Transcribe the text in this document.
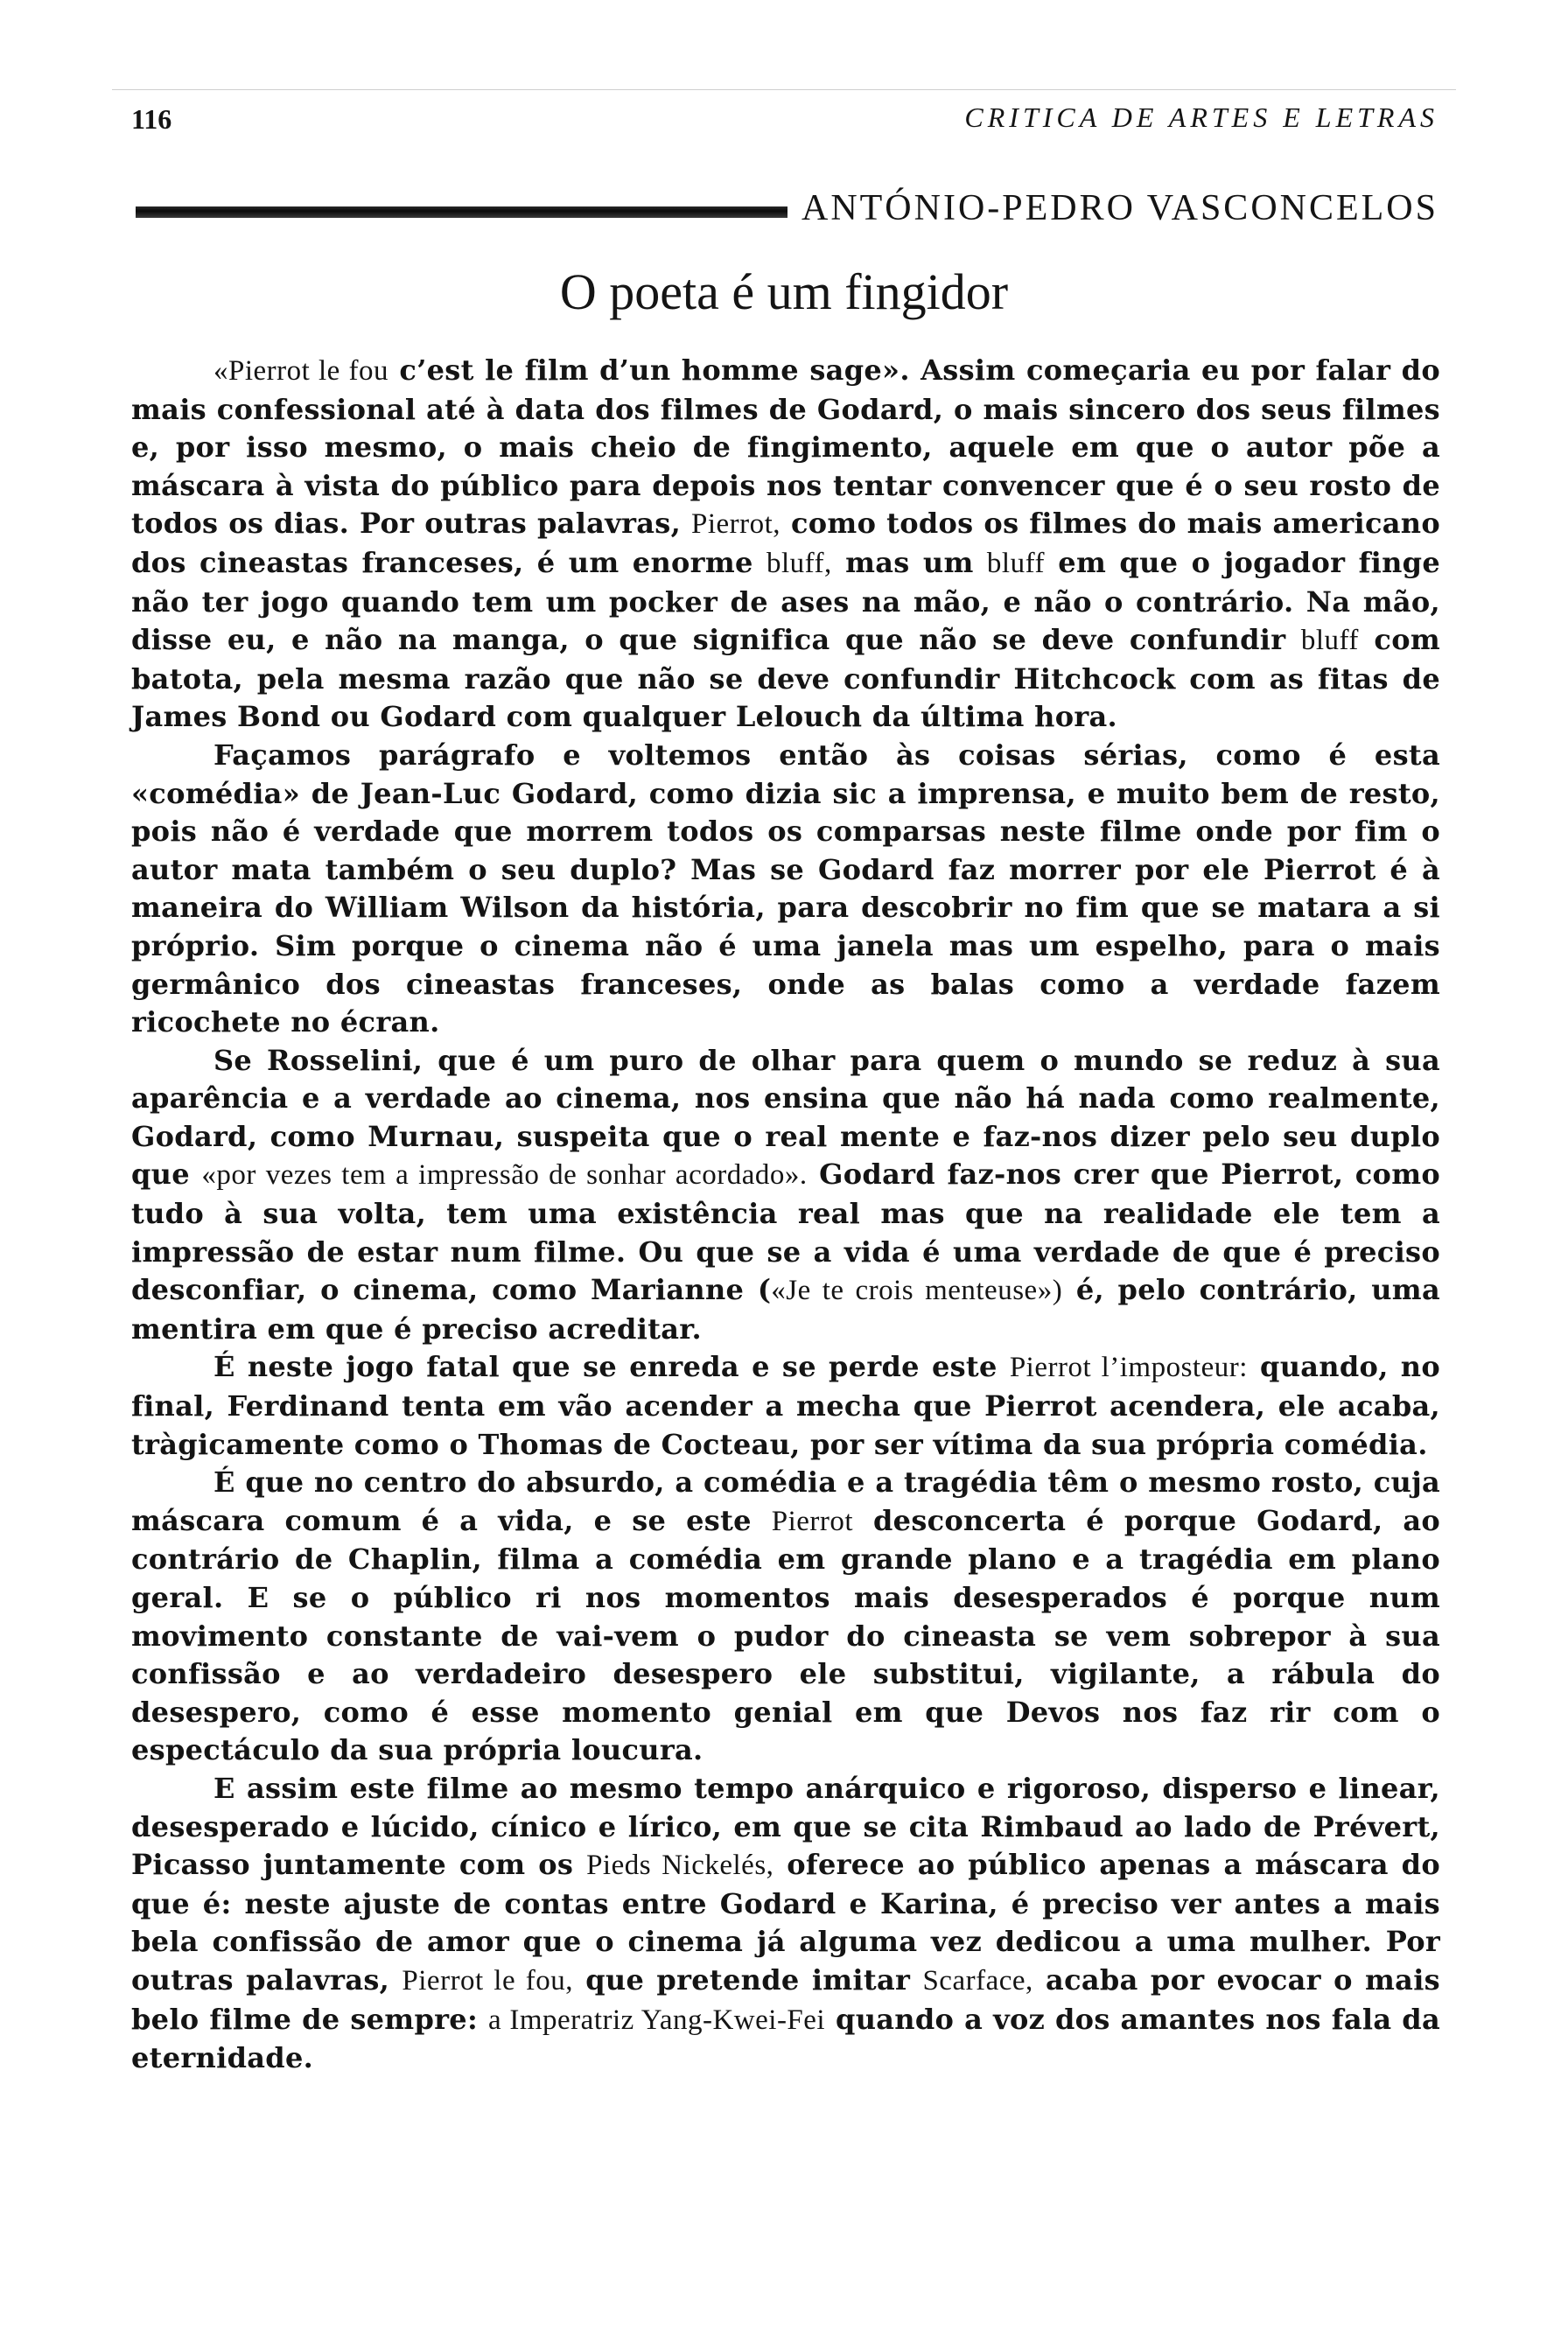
116	CRITICA DE ARTES E LETRAS
ANTÓNIO-PEDRO VASCONCELOS
O poeta é um fingidor

«Pierrot le fou c’est le film d’un homme sage». Assim começaria eu por falar do mais confessional até à data dos filmes de Godard, o mais sincero dos seus filmes e, por isso mesmo, o mais cheio de fingimento, aquele em que o autor põe a máscara à vista do público para depois nos tentar convencer que é o seu rosto de todos os dias. Por outras palavras, Pierrot, como todos os filmes do mais americano dos cineastas franceses, é um enorme bluff, mas um bluff em que o jogador finge não ter jogo quando tem um pocker de ases na mão, e não o contrário. Na mão, disse eu, e não na manga, o que significa que não se deve confundir bluff com batota, pela mesma razão que não se deve confundir Hitchcock com as fitas de James Bond ou Godard com qualquer Lelouch da última hora.

Façamos parágrafo e voltemos então às coisas sérias, como é esta «comédia» de Jean-Luc Godard, como dizia sic a imprensa, e muito bem de resto, pois não é verdade que morrem todos os comparsas neste filme onde por fim o autor mata também o seu duplo? Mas se Godard faz morrer por ele Pierrot é à maneira do William Wilson da história, para descobrir no fim que se matara a si próprio. Sim porque o cinema não é uma janela mas um espelho, para o mais germânico dos cineastas franceses, onde as balas como a verdade fazem ricochete no écran.

Se Rosselini, que é um puro de olhar para quem o mundo se reduz à sua aparência e a verdade ao cinema, nos ensina que não há nada como realmente, Godard, como Murnau, suspeita que o real mente e faz-nos dizer pelo seu duplo que «por vezes tem a impressão de sonhar acordado». Godard faz-nos crer que Pierrot, como tudo à sua volta, tem uma existência real mas que na realidade ele tem a impressão de estar num filme. Ou que se a vida é uma verdade de que é preciso desconfiar, o cinema, como Marianne («Je te crois menteuse») é, pelo contrário, uma mentira em que é preciso acreditar.

É neste jogo fatal que se enreda e se perde este Pierrot l’imposteur: quando, no final, Ferdinand tenta em vão acender a mecha que Pierrot acendera, ele acaba, tràgicamente como o Thomas de Cocteau, por ser vítima da sua própria comédia.

É que no centro do absurdo, a comédia e a tragédia têm o mesmo rosto, cuja máscara comum é a vida, e se este Pierrot desconcerta é porque Godard, ao contrário de Chaplin, filma a comédia em grande plano e a tragédia em plano geral. E se o público ri nos momentos mais desesperados é porque num movimento constante de vai-vem o pudor do cineasta se vem sobrepor à sua confissão e ao verdadeiro desespero ele substitui, vigilante, a rábula do desespero, como é esse momento genial em que Devos nos faz rir com o espectáculo da sua própria loucura.

E assim este filme ao mesmo tempo anárquico e rigoroso, disperso e linear, desesperado e lúcido, cínico e lírico, em que se cita Rimbaud ao lado de Prévert, Picasso juntamente com os Pieds Nickelés, oferece ao público apenas a máscara do que é: neste ajuste de contas entre Godard e Karina, é preciso ver antes a mais bela confissão de amor que o cinema já alguma vez dedicou a uma mulher. Por outras palavras, Pierrot le fou, que pretende imitar Scarface, acaba por evocar o mais belo filme de sempre: a Imperatriz Yang-Kwei-Fei quando a voz dos amantes nos fala da eternidade.
